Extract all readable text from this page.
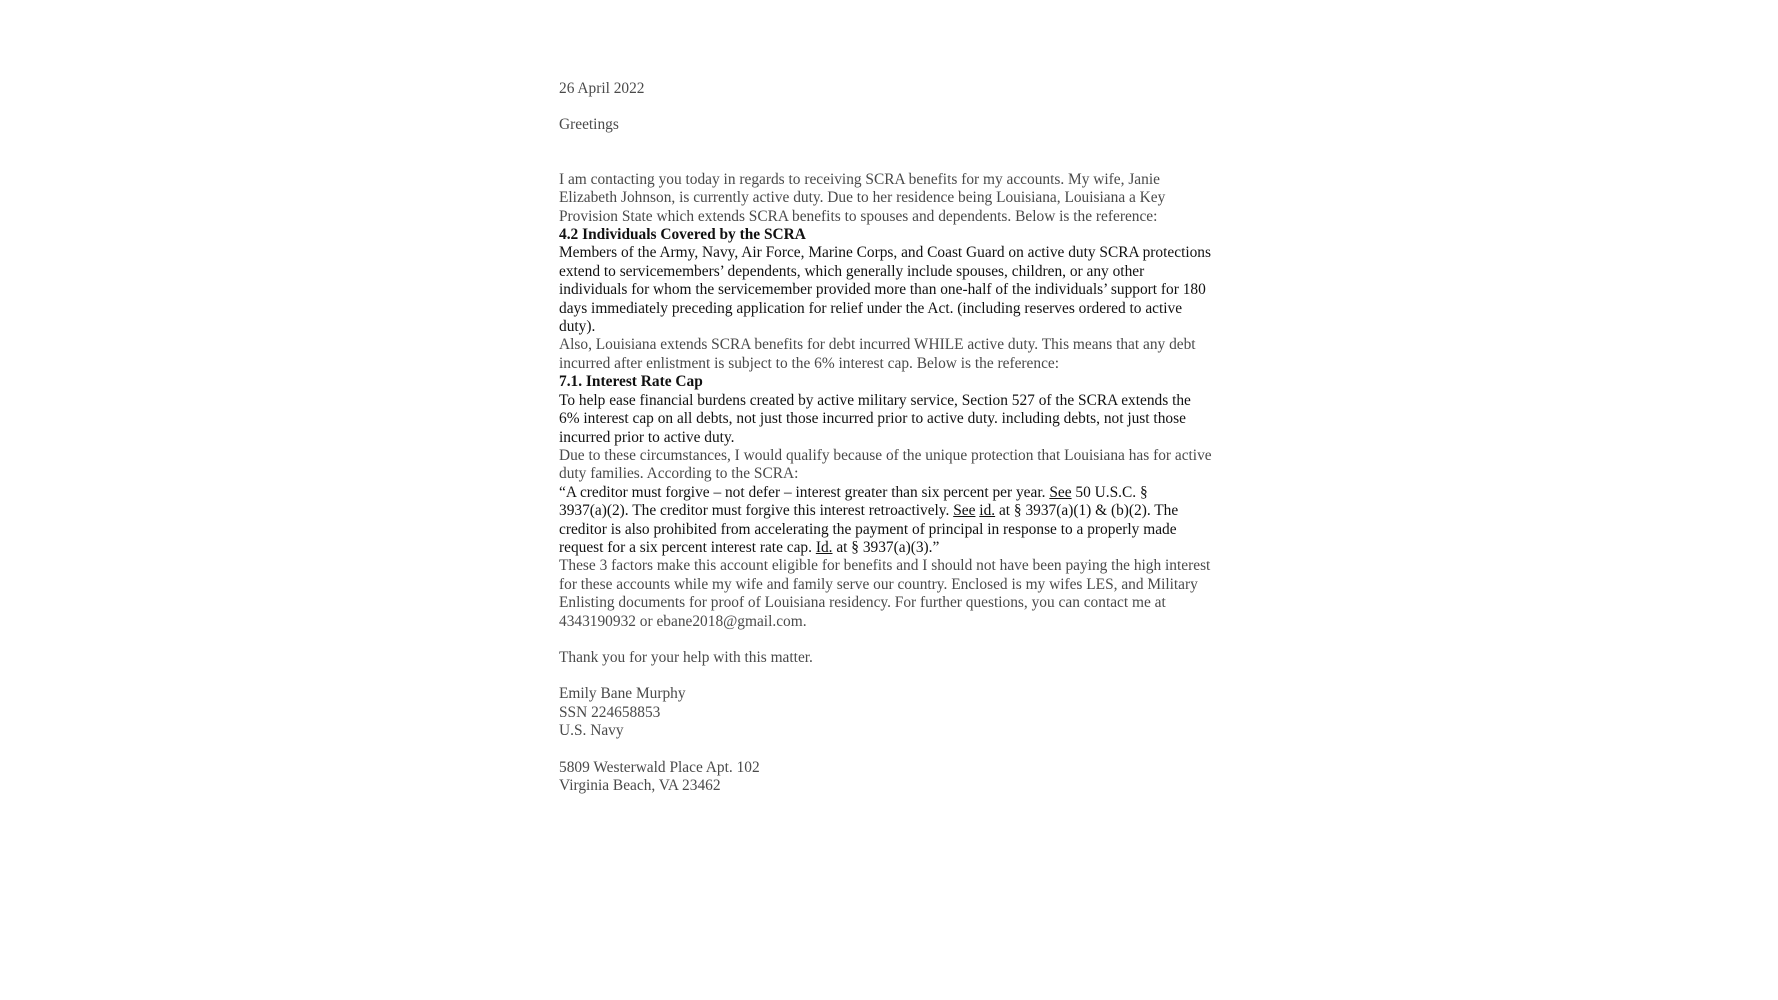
26 April 2022
Greetings
I am contacting you today in regards to receiving SCRA benefits for my accounts. My wife, Janie
Elizabeth Johnson, is currently active duty. Due to her residence being Louisiana, Louisiana a Key
Provision State which extends SCRA benefits to spouses and dependents. Below is the reference:
4.2 Individuals Covered by the SCRA
Members of the Army, Navy, Air Force, Marine Corps, and Coast Guard on active duty SCRA protections
extend to servicemembers’ dependents, which generally include spouses, children, or any other
individuals for whom the servicemember provided more than one-half of the individuals’ support for 180
days immediately preceding application for relief under the Act. (including reserves ordered to active
duty).
Also, Louisiana extends SCRA benefits for debt incurred WHILE active duty. This means that any debt
incurred after enlistment is subject to the 6% interest cap. Below is the reference:
7.1. Interest Rate Cap
To help ease financial burdens created by active military service, Section 527 of the SCRA extends the
6% interest cap on all debts, not just those incurred prior to active duty. including debts, not just those
incurred prior to active duty.
Due to these circumstances, I would qualify because of the unique protection that Louisiana has for active
duty families. According to the SCRA:
“A creditor must forgive – not defer – interest greater than six percent per year. See 50 U.S.C. §
3937(a)(2). The creditor must forgive this interest retroactively. See id. at § 3937(a)(1) & (b)(2). The
creditor is also prohibited from accelerating the payment of principal in response to a properly made
request for a six percent interest rate cap. Id. at § 3937(a)(3).”
These 3 factors make this account eligible for benefits and I should not have been paying the high interest
for these accounts while my wife and family serve our country. Enclosed is my wifes LES, and Military
Enlisting documents for proof of Louisiana residency. For further questions, you can contact me at
4343190932 or ebane2018@gmail.com.
Thank you for your help with this matter.
Emily Bane Murphy
SSN 224658853
U.S. Navy
5809 Westerwald Place Apt. 102
Virginia Beach, VA 23462
